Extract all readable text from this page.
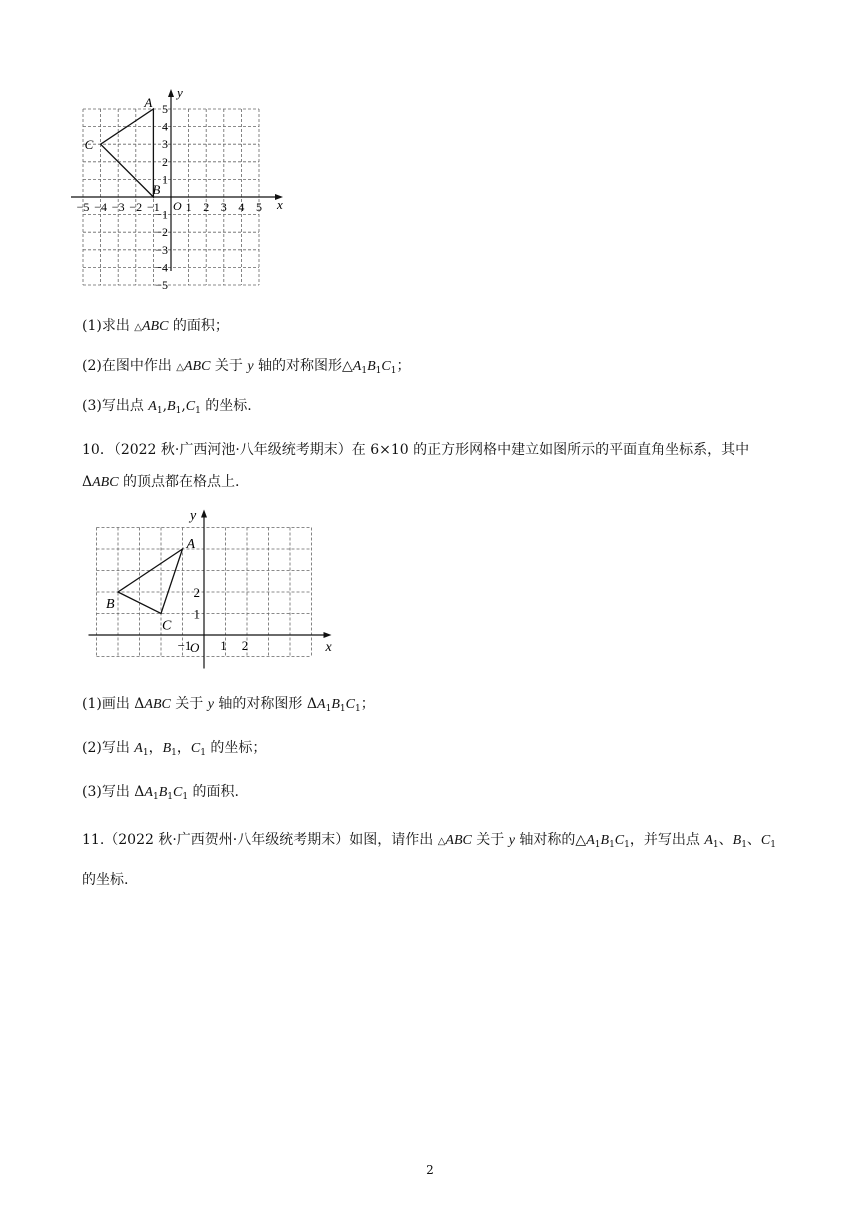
−5 −4 −3 −2 −1 1 2 3 4 5
5
4
3
2
1
−1
−2
−3
−4
−5
O	x
y
A
B
C
(1)求出 △ABC 的面积；
(2)在图中作出 △ABC 关于 y 轴的对称图形$\triangle A_1B_1C_1$；
(3)写出点 $A_1,B_1,C_1$ 的坐标.
10．（2022 秋·广西河池·八年级统考期末）在 6×10 的正方形网格中建立如图所示的平面直角坐标系，其中
ΔABC 的顶点都在格点上.
−1 1 2
1
2
O	x
y
A
B
C
(1)画出 ΔABC 关于 y 轴的对称图形 $\Delta A_1B_1C_1$；
(2)写出 $A_1$，$B_1$，$C_1$ 的坐标；
(3)写出 $\Delta A_1B_1C_1$ 的面积.
11.（2022 秋·广西贺州·八年级统考期末）如图，请作出 △ABC 关于 y 轴对称的$\triangle A_1B_1C_1$，并写出点 $A_1$、$B_1$、$C_1$
的坐标.
2
